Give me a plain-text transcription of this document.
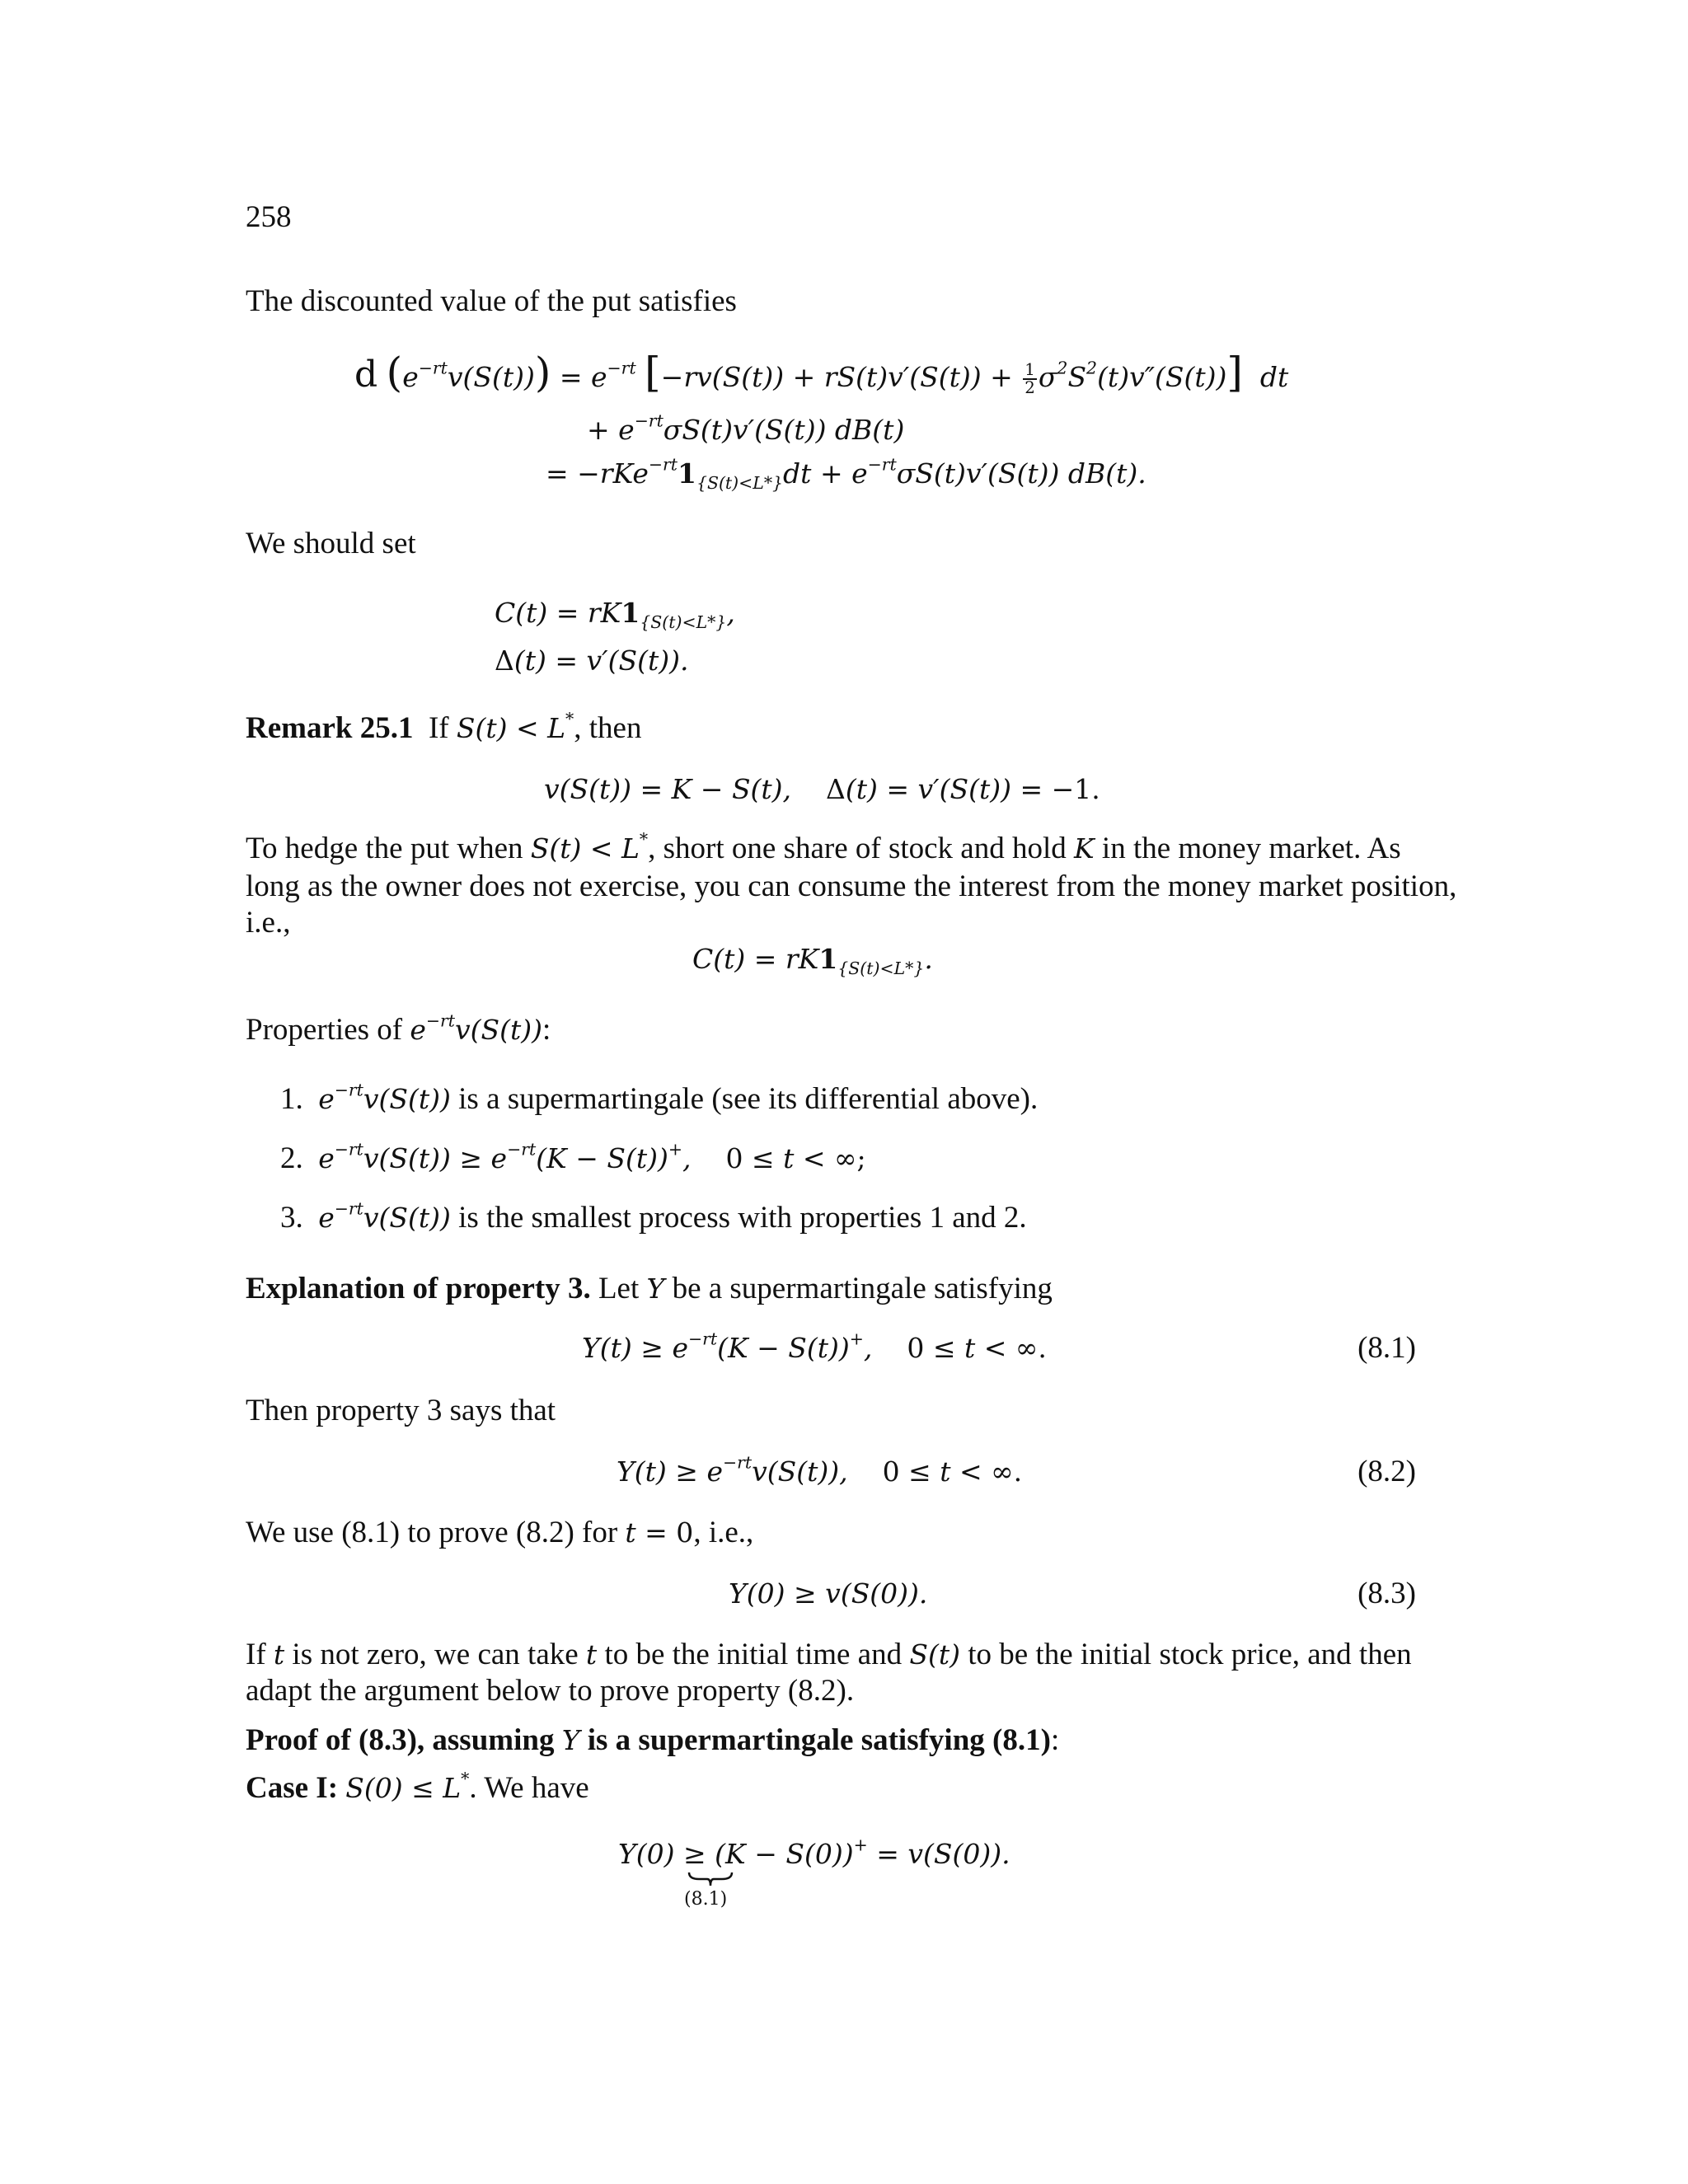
258
The discounted value of the put satisfies
d $(e^{-rt}v(S(t))) = e^{-rt}$ $[-rv(S(t)) + rS(t)v'(S(t)) + \frac{1}{2} \sigma^2S^2(t)v''(S(t))]$  dt
+ $e^{-rt}\sigma S(t)v'(S(t))$ dB(t)
= $-rKe^{-rt}1_{\{S(t)<L*\}}dt + e^{-rt}\sigma S(t)v'(S(t))$ dB(t).
We should set
$C(t) = rK1_{\{S(t)<L*\}}$,
Δ(t) = v′(S(t)).
Remark 25.1 If S(t) < L*, then
v(S(t)) = K − S(t),    Δ(t) = v′(S(t)) = −1.
To hedge the put when S(t) < L*, short one share of stock and hold K in the money market. As
long as the owner does not exercise, you can consume the interest from the money market position,
i.e.,
$C(t) = rK1_{\{S(t)<L*\}}$.
Properties of $e^{-rt}v(S(t))$:
1. $e^{-rt}v(S(t))$ is a supermartingale (see its differential above).
2. $e^{-rt}v(S(t)) \ge e^{-rt}(K - S(t))^+$,    0 ≤ t < ∞;
3. $e^{-rt}v(S(t))$ is the smallest process with properties 1 and 2.
Explanation of property 3. Let Y be a supermartingale satisfying
$Y(t) \ge e^{-rt}(K - S(t))^+$,    0 ≤ t < ∞.	(8.1)
Then property 3 says that
$Y(t) \ge e^{-rt}v(S(t))$,    0 ≤ t < ∞.	(8.2)
We use (8.1) to prove (8.2) for t = 0, i.e.,
Y(0) ≥ v(S(0)).	(8.3)
If t is not zero, we can take t to be the initial time and S(t) to be the initial stock price, and then
adapt the argument below to prove property (8.2).
Proof of (8.3), assuming Y is a supermartingale satisfying (8.1):
Case I: S(0) ≤ L*. We have
Y(0) ≥ (K − S(0))+ = v(S(0)).
(8.1)
